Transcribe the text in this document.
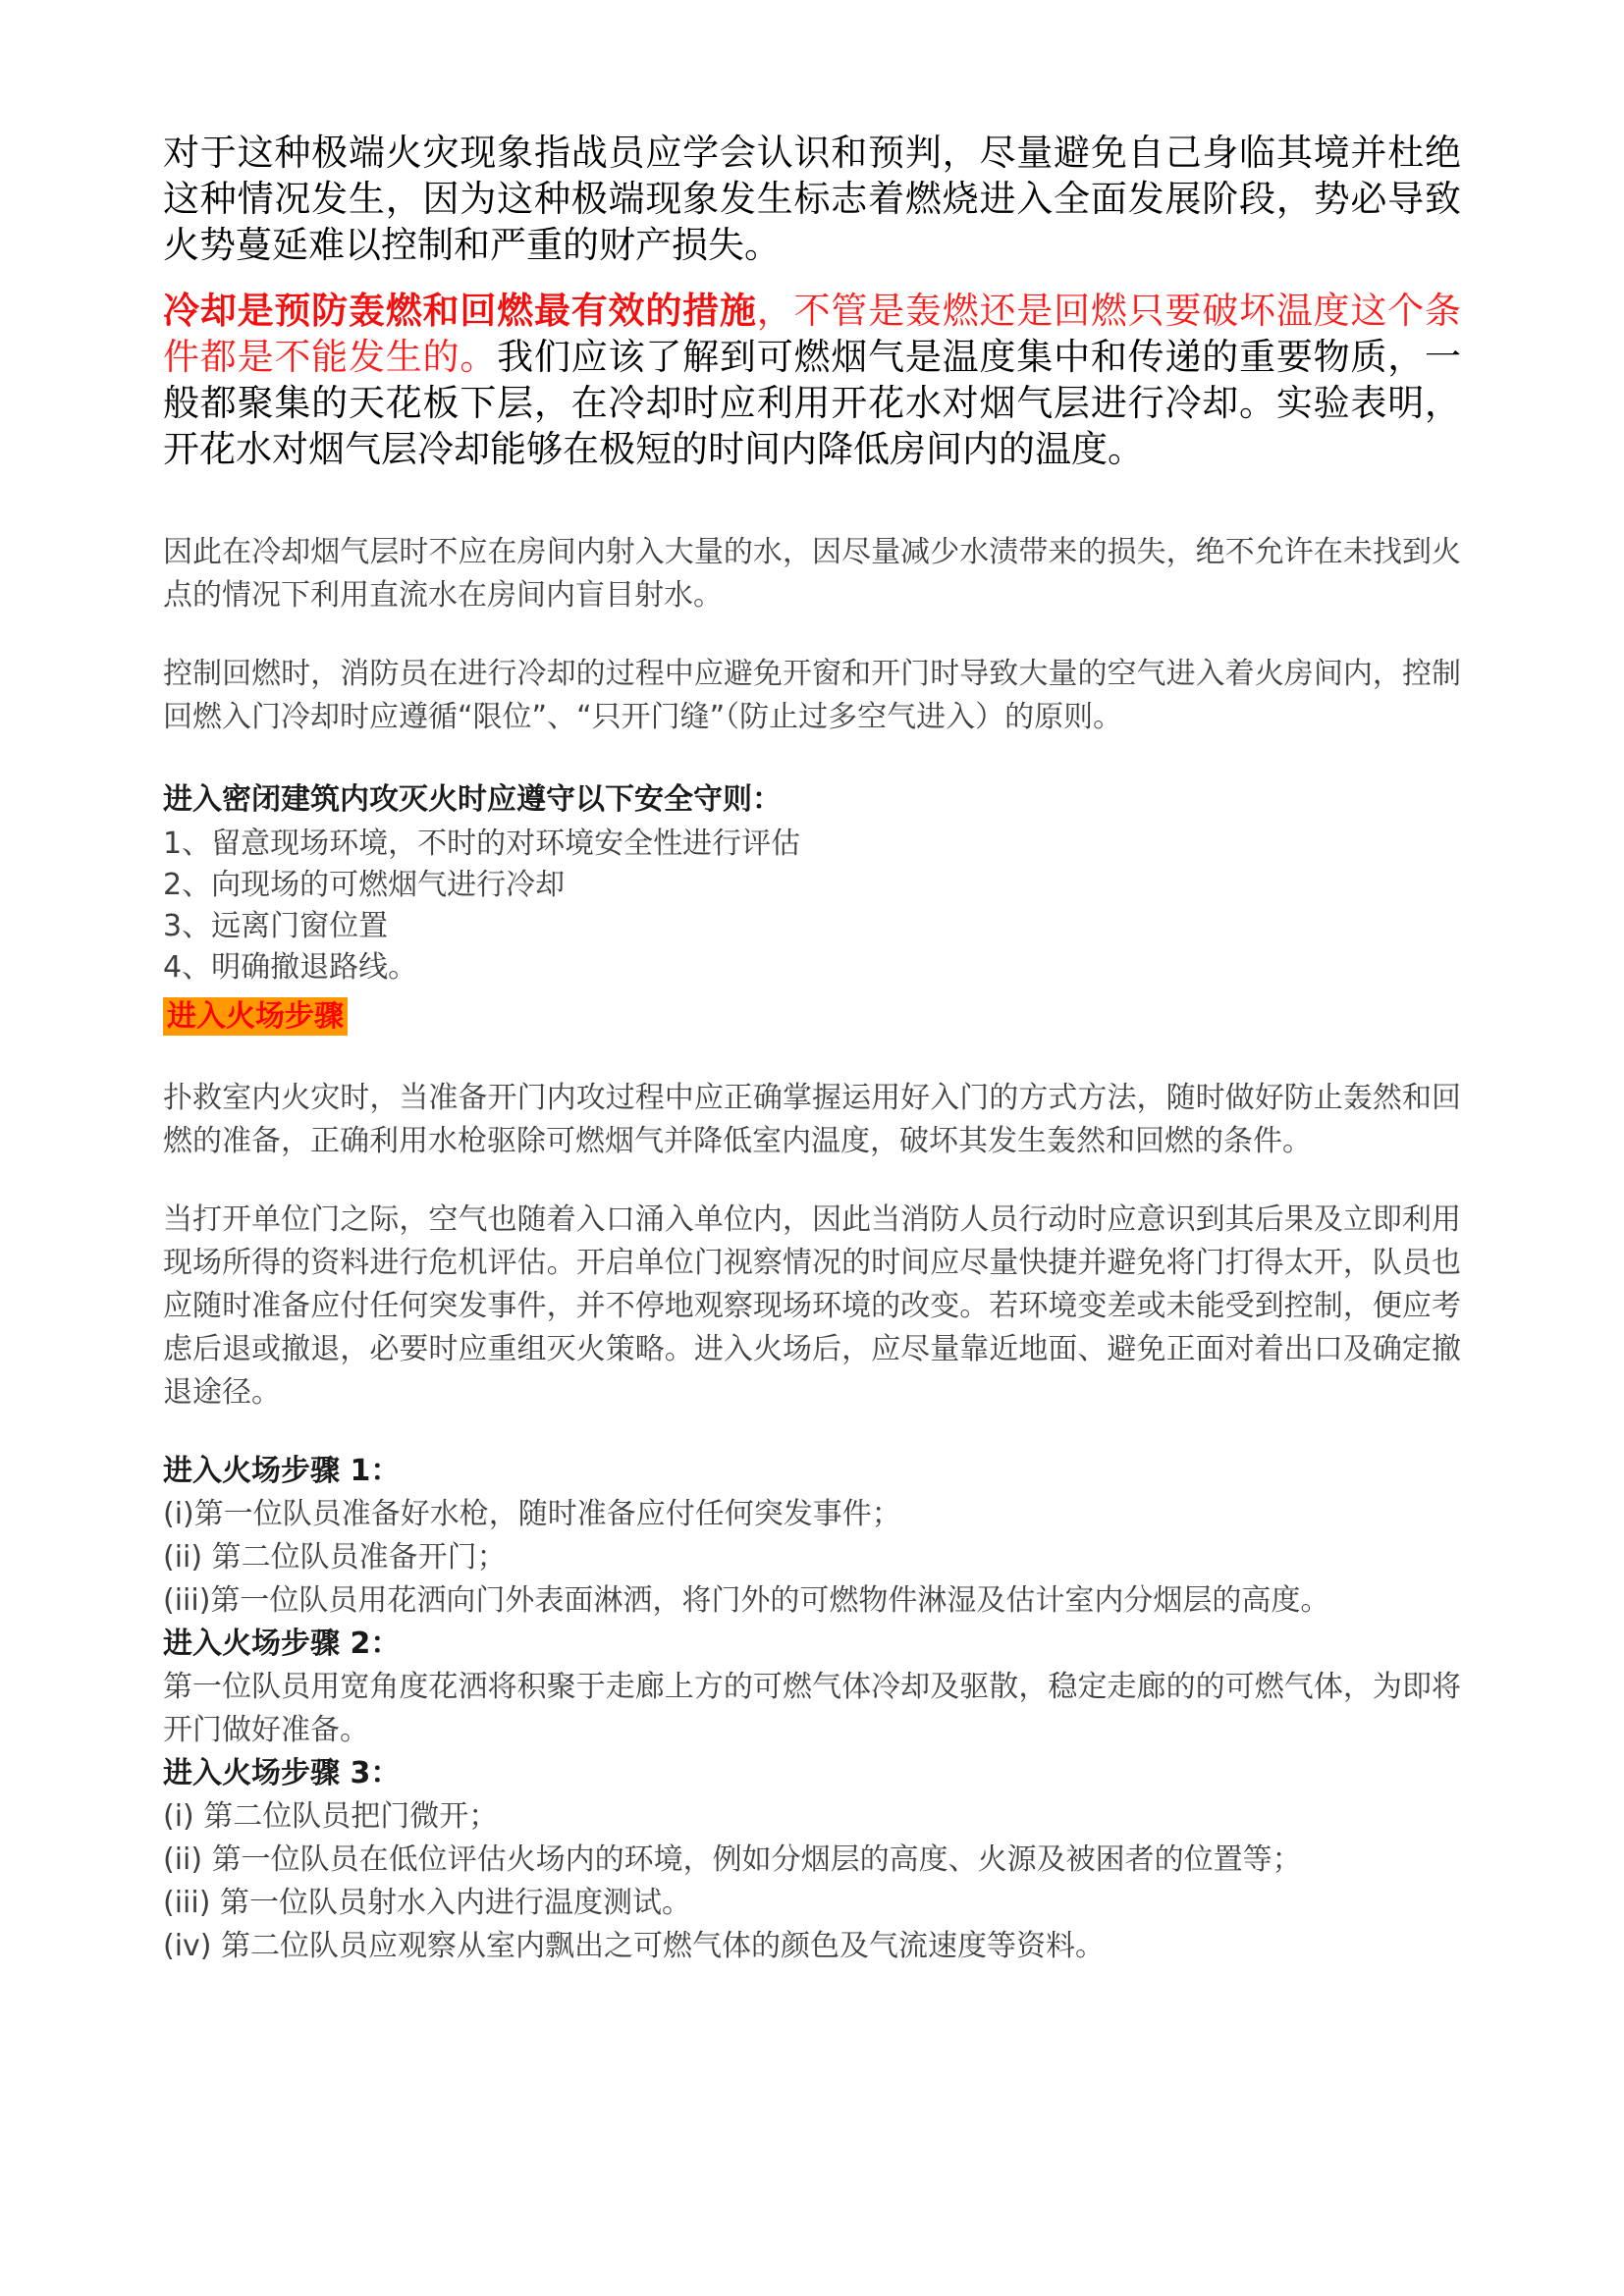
对于这种极端火灾现象指战员应学会认识和预判，尽量避免自己身临其境并杜绝这种情况发生，因为这种极端现象发生标志着燃烧进入全面发展阶段，势必导致火势蔓延难以控制和严重的财产损失。

冷却是预防轰燃和回燃最有效的措施，不管是轰燃还是回燃只要破坏温度这个条件都是不能发生的。我们应该了解到可燃烟气是温度集中和传递的重要物质，一般都聚集的天花板下层，在冷却时应利用开花水对烟气层进行冷却。实验表明，开花水对烟气层冷却能够在极短的时间内降低房间内的温度。

因此在冷却烟气层时不应在房间内射入大量的水，因尽量减少水渍带来的损失，绝不允许在未找到火点的情况下利用直流水在房间内盲目射水。

控制回燃时，消防员在进行冷却的过程中应避免开窗和开门时导致大量的空气进入着火房间内，控制回燃入门冷却时应遵循“限位”、“只开门缝”（防止过多空气进入）的原则。

进入密闭建筑内攻灭火时应遵守以下安全守则：

1、留意现场环境，不时的对环境安全性进行评估

2、向现场的可燃烟气进行冷却

3、远离门窗位置

4、明确撤退路线。

进入火场步骤

扑救室内火灾时，当准备开门内攻过程中应正确掌握运用好入门的方式方法，随时做好防止轰然和回燃的准备，正确利用水枪驱除可燃烟气并降低室内温度，破坏其发生轰然和回燃的条件。

当打开单位门之际，空气也随着入口涌入单位内，因此当消防人员行动时应意识到其后果及立即利用现场所得的资料进行危机评估。开启单位门视察情况的时间应尽量快捷并避免将门打得太开，队员也应随时准备应付任何突发事件，并不停地观察现场环境的改变。若环境变差或未能受到控制，便应考虑后退或撤退，必要时应重组灭火策略。进入火场后，应尽量靠近地面、避免正面对着出口及确定撤退途径。

进入火场步骤 1：

(i)第一位队员准备好水枪，随时准备应付任何突发事件；

(ii) 第二位队员准备开门；

(iii)第一位队员用花洒向门外表面淋洒，将门外的可燃物件淋湿及估计室内分烟层的高度。

进入火场步骤 2：

第一位队员用宽角度花洒将积聚于走廊上方的可燃气体冷却及驱散，稳定走廊的的可燃气体，为即将开门做好准备。

进入火场步骤 3：

(i) 第二位队员把门微开；

(ii) 第一位队员在低位评估火场内的环境，例如分烟层的高度、火源及被困者的位置等；

(iii) 第一位队员射水入内进行温度测试。

(iv) 第二位队员应观察从室内飘出之可燃气体的颜色及气流速度等资料。
